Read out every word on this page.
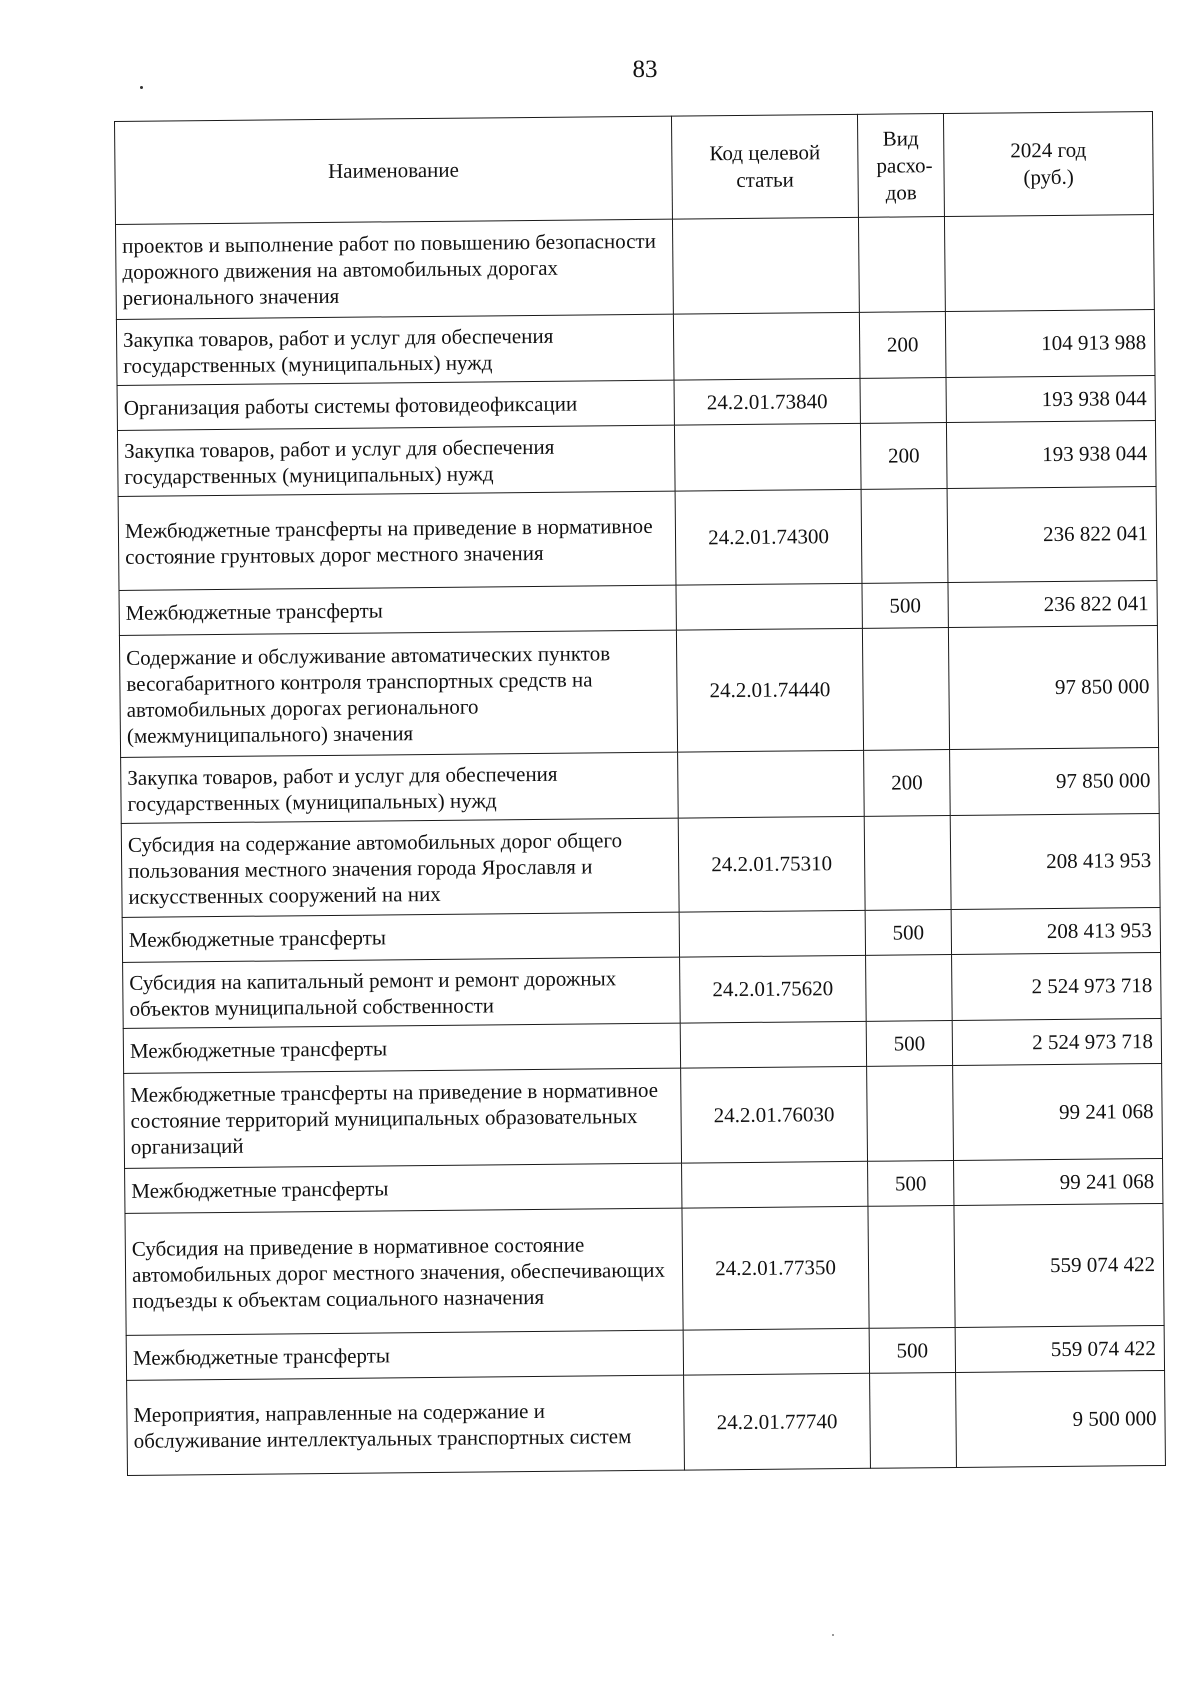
83
Наименование	Код целевой статьи	Вид расхо-дов	2024 год (руб.)
проектов и выполнение работ по повышению безопасности дорожного движения на автомобильных дорогах регионального значения			
Закупка товаров, работ и услуг для обеспечения государственных (муниципальных) нужд		200	104 913 988
Организация работы системы фотовидеофиксации	24.2.01.73840		193 938 044
Закупка товаров, работ и услуг для обеспечения государственных (муниципальных) нужд		200	193 938 044
Межбюджетные трансферты на приведение в нормативное состояние грунтовых дорог местного значения	24.2.01.74300		236 822 041
Межбюджетные трансферты		500	236 822 041
Содержание и обслуживание автоматических пунктов весогабаритного контроля транспортных средств на автомобильных дорогах регионального (межмуниципального) значения	24.2.01.74440		97 850 000
Закупка товаров, работ и услуг для обеспечения государственных (муниципальных) нужд		200	97 850 000
Субсидия на содержание автомобильных дорог общего пользования местного значения города Ярославля и искусственных сооружений на них	24.2.01.75310		208 413 953
Межбюджетные трансферты		500	208 413 953
Субсидия на капитальный ремонт и ремонт дорожных объектов муниципальной собственности	24.2.01.75620		2 524 973 718
Межбюджетные трансферты		500	2 524 973 718
Межбюджетные трансферты на приведение в нормативное состояние территорий муниципальных образовательных организаций	24.2.01.76030		99 241 068
Межбюджетные трансферты		500	99 241 068
Субсидия на приведение в нормативное состояние автомобильных дорог местного значения, обеспечивающих подъезды к объектам социального назначения	24.2.01.77350		559 074 422
Межбюджетные трансферты		500	559 074 422
Мероприятия, направленные на содержание и обслуживание интеллектуальных транспортных систем	24.2.01.77740		9 500 000
